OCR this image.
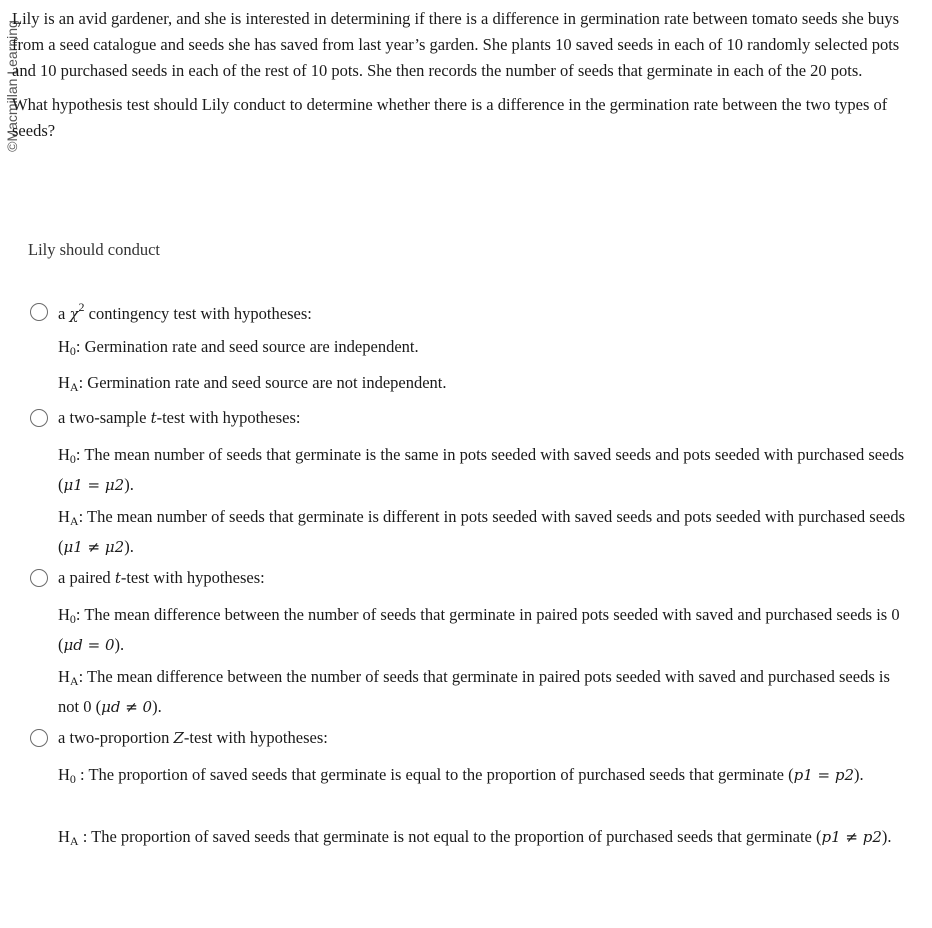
©Macmillan Learning

Lily is an avid gardener, and she is interested in determining if there is a difference in germination rate between tomato seeds she buys from a seed catalogue and seeds she has saved from last year’s garden. She plants 10 saved seeds in each of 10 randomly selected pots and 10 purchased seeds in each of the rest of 10 pots. She then records the number of seeds that germinate in each of the 20 pots.

What hypothesis test should Lily conduct to determine whether there is a difference in the germination rate between the two types of seeds?

Lily should conduct
a $\chi^2$ contingency test with hypotheses:
$H_0$: Germination rate and seed source are independent.
$H_A$: Germination rate and seed source are not independent.
a two-sample t-test with hypotheses:
$H_0$: The mean number of seeds that germinate is the same in pots seeded with saved seeds and pots seeded with purchased seeds (μ1 = μ2).
$H_A$: The mean number of seeds that germinate is different in pots seeded with saved seeds and pots seeded with purchased seeds (μ1 ≠ μ2).
a paired t-test with hypotheses:
$H_0$: The mean difference between the number of seeds that germinate in paired pots seeded with saved and purchased seeds is 0 (μd = 0).
$H_A$: The mean difference between the number of seeds that germinate in paired pots seeded with saved and purchased seeds is not 0 (μd ≠ 0).
a two-proportion Z-test with hypotheses:
$H_0$ : The proportion of saved seeds that germinate is equal to the proportion of purchased seeds that germinate (p1 = p2).
$H_A$ : The proportion of saved seeds that germinate is not equal to the proportion of purchased seeds that germinate (p1 ≠ p2).
